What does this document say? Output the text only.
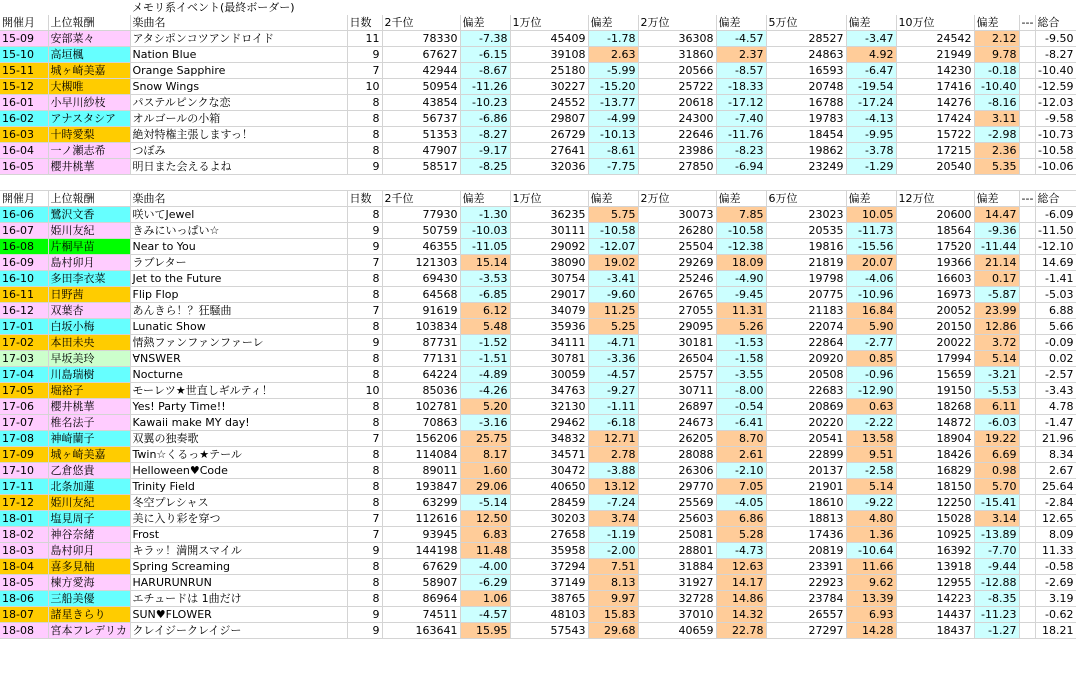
		メモリ系イベント(最終ボーダー)													
開催月	上位報酬	楽曲名	日数	2千位	偏差	1万位	偏差	2万位	偏差	5万位	偏差	10万位	偏差	---	総合
15-09	安部菜々	アタシポンコツアンドロイド	11	78330	-7.38	45409	-1.78	36308	-4.57	28527	-3.47	24542	2.12		-9.50
15-10	高垣楓	Nation Blue	9	67627	-6.15	39108	2.63	31860	2.37	24863	4.92	21949	9.78		-8.27
15-11	城ヶ崎美嘉	Orange Sapphire	7	42944	-8.67	25180	-5.99	20566	-8.57	16593	-6.47	14230	-0.18		-10.40
15-12	大槻唯	Snow Wings	10	50954	-11.26	30227	-15.20	25722	-18.33	20748	-19.54	17416	-10.40		-12.59
16-01	小早川紗枝	パステルピンクな恋	8	43854	-10.23	24552	-13.77	20618	-17.12	16788	-17.24	14276	-8.16		-12.03
16-02	アナスタシア	オルゴールの小箱	8	56737	-6.86	29807	-4.99	24300	-7.40	19783	-4.13	17424	3.11		-9.58
16-03	十時愛梨	絶対特権主張しますっ！	8	51353	-8.27	26729	-10.13	22646	-11.76	18454	-9.95	15722	-2.98		-10.73
16-04	一ノ瀬志希	つぼみ	8	47907	-9.17	27641	-8.61	23986	-8.23	19862	-3.78	17215	2.36		-10.58
16-05	櫻井桃華	明日また会えるよね	9	58517	-8.25	32036	-7.75	27850	-6.94	23249	-1.29	20540	5.35		-10.06

開催月	上位報酬	楽曲名	日数	2千位	偏差	1万位	偏差	2万位	偏差	6万位	偏差	12万位	偏差	---	総合
16-06	鷺沢文香	咲いてJewel	8	77930	-1.30	36235	5.75	30073	7.85	23023	10.05	20600	14.47		-6.09
16-07	姫川友紀	きみにいっぱい☆	9	50759	-10.03	30111	-10.58	26280	-10.58	20535	-11.73	18564	-9.36		-11.50
16-08	片桐早苗	Near to You	9	46355	-11.05	29092	-12.07	25504	-12.38	19816	-15.56	17520	-11.44		-12.10
16-09	島村卯月	ラブレター	7	121303	15.14	38090	19.02	29269	18.09	21819	20.07	19366	21.14		14.69
16-10	多田李衣菜	Jet to the Future	8	69430	-3.53	30754	-3.41	25246	-4.90	19798	-4.06	16603	0.17		-1.41
16-11	日野茜	Flip Flop	8	64568	-6.85	29017	-9.60	26765	-9.45	20775	-10.96	16973	-5.87		-5.03
16-12	双葉杏	あんきら！？狂騒曲	7	91619	6.12	34079	11.25	27055	11.31	21183	16.84	20052	23.99		6.88
17-01	白坂小梅	Lunatic Show	8	103834	5.48	35936	5.25	29095	5.26	22074	5.90	20150	12.86		5.66
17-02	本田未央	情熱ファンファンファーレ	9	87731	-1.52	34111	-4.71	30181	-1.53	22864	-2.77	20022	3.72		-0.09
17-03	早坂美玲	∀NSWER	8	77131	-1.51	30781	-3.36	26504	-1.58	20920	0.85	17994	5.14		0.02
17-04	川島瑞樹	Nocturne	8	64224	-4.89	30059	-4.57	25757	-3.55	20508	-0.96	15659	-3.21		-2.57
17-05	堀裕子	モーレツ★世直しギルティ！	10	85036	-4.26	34763	-9.27	30711	-8.00	22683	-12.90	19150	-5.53		-3.43
17-06	櫻井桃華	Yes! Party Time!!	8	102781	5.20	32130	-1.11	26897	-0.54	20869	0.63	18268	6.11		4.78
17-07	椎名法子	Kawaii make MY day!	8	70863	-3.16	29462	-6.18	24673	-6.41	20220	-2.22	14872	-6.03		-1.47
17-08	神崎蘭子	双翼の独奏歌	7	156206	25.75	34832	12.71	26205	8.70	20541	13.58	18904	19.22		21.96
17-09	城ヶ崎美嘉	Twin☆くるっ★テール	8	114084	8.17	34571	2.78	28088	2.61	22899	9.51	18426	6.69		8.34
17-10	乙倉悠貴	Helloween♥Code	8	89011	1.60	30472	-3.88	26306	-2.10	20137	-2.58	16829	0.98		2.67
17-11	北条加蓮	Trinity Field	8	193847	29.06	40650	13.12	29770	7.05	21901	5.14	18150	5.70		25.64
17-12	姫川友紀	冬空プレシャス	8	63299	-5.14	28459	-7.24	25569	-4.05	18610	-9.22	12250	-15.41		-2.84
18-01	塩見周子	美に入り彩を穿つ	7	112616	12.50	30203	3.74	25603	6.86	18813	4.80	15028	3.14		12.65
18-02	神谷奈緒	Frost	7	93945	6.83	27658	-1.19	25081	5.28	17436	1.36	10925	-13.89		8.09
18-03	島村卯月	キラッ！満開スマイル	9	144198	11.48	35958	-2.00	28801	-4.73	20819	-10.64	16392	-7.70		11.33
18-04	喜多見柚	Spring Screaming	8	67629	-4.00	37294	7.51	31884	12.63	23391	11.66	13918	-9.44		-0.58
18-05	楝方愛海	HARURUNRUN	8	58907	-6.29	37149	8.13	31927	14.17	22923	9.62	12955	-12.88		-2.69
18-06	三船美優	エチュードは 1曲だけ	8	86964	1.06	38765	9.97	32728	14.86	23784	13.39	14223	-8.35		3.19
18-07	諸星きらり	SUN♥FLOWER	9	74511	-4.57	48103	15.83	37010	14.32	26557	6.93	14437	-11.23		-0.62
18-08	宮本フレデリカ	クレイジークレイジー	9	163641	15.95	57543	29.68	40659	22.78	27297	14.28	18437	-1.27		18.21
